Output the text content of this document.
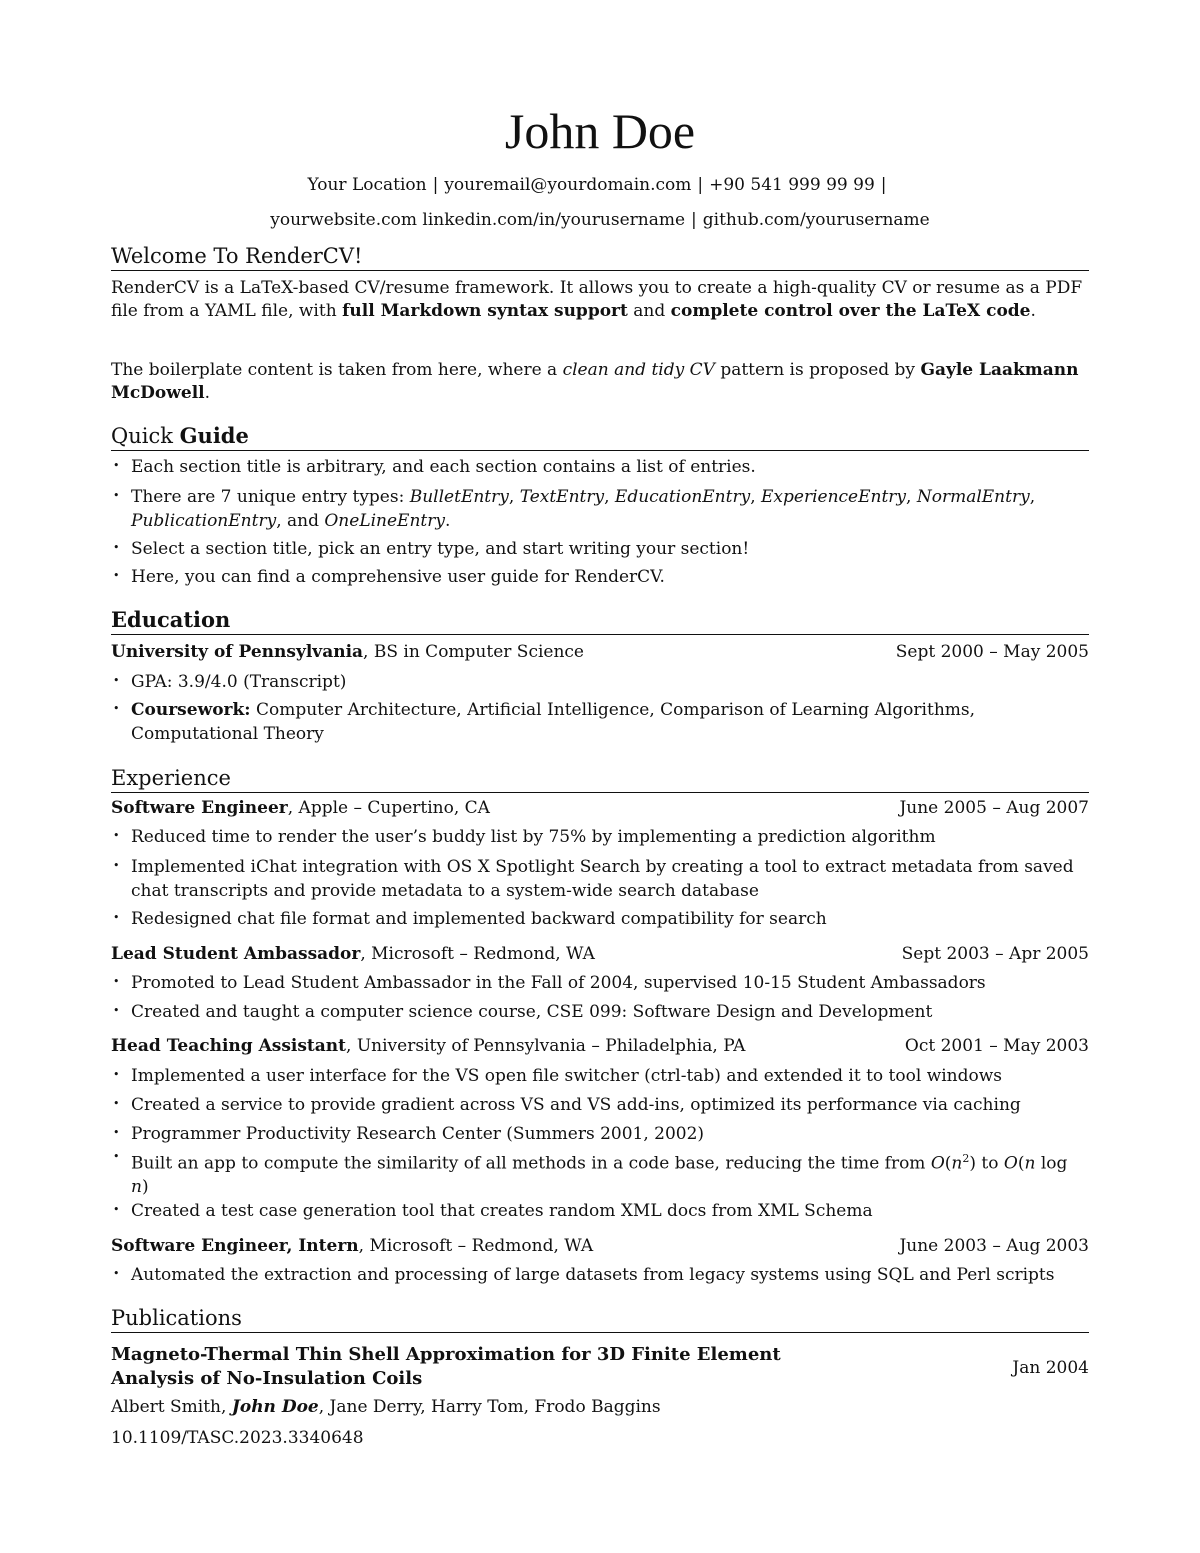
John Doe
Your Location | youremail@yourdomain.com | +90 541 999 99 99 |
yourwebsite.com linkedin.com/in/yourusername | github.com/yourusername
Welcome To RenderCV!
RenderCV is a LaTeX-based CV/resume framework. It allows you to create a high-quality CV or resume as a PDF file from a YAML file, with full Markdown syntax support and complete control over the LaTeX code.
The boilerplate content is taken from here, where a clean and tidy CV pattern is proposed by Gayle Laakmann McDowell.
Quick Guide
• Each section title is arbitrary, and each section contains a list of entries.
• There are 7 unique entry types: BulletEntry, TextEntry, EducationEntry, ExperienceEntry, NormalEntry, PublicationEntry, and OneLineEntry.
• Select a section title, pick an entry type, and start writing your section!
• Here, you can find a comprehensive user guide for RenderCV.
Education
University of Pennsylvania, BS in Computer Science	Sept 2000 – May 2005
• GPA: 3.9/4.0 (Transcript)
• Coursework: Computer Architecture, Artificial Intelligence, Comparison of Learning Algorithms, Computational Theory
Experience
Software Engineer, Apple – Cupertino, CA	June 2005 – Aug 2007
• Reduced time to render the user’s buddy list by 75% by implementing a prediction algorithm
• Implemented iChat integration with OS X Spotlight Search by creating a tool to extract metadata from saved chat transcripts and provide metadata to a system-wide search database
• Redesigned chat file format and implemented backward compatibility for search
Lead Student Ambassador, Microsoft – Redmond, WA	Sept 2003 – Apr 2005
• Promoted to Lead Student Ambassador in the Fall of 2004, supervised 10-15 Student Ambassadors
• Created and taught a computer science course, CSE 099: Software Design and Development
Head Teaching Assistant, University of Pennsylvania – Philadelphia, PA	Oct 2001 – May 2003
• Implemented a user interface for the VS open file switcher (ctrl-tab) and extended it to tool windows
• Created a service to provide gradient across VS and VS add-ins, optimized its performance via caching
• Programmer Productivity Research Center (Summers 2001, 2002)
• Built an app to compute the similarity of all methods in a code base, reducing the time from $O(n^2)$ to O(n log n)
• Created a test case generation tool that creates random XML docs from XML Schema
Software Engineer, Intern, Microsoft – Redmond, WA	June 2003 – Aug 2003
• Automated the extraction and processing of large datasets from legacy systems using SQL and Perl scripts
Publications
Magneto-Thermal Thin Shell Approximation for 3D Finite Element Analysis of No-Insulation Coils	Jan 2004
Albert Smith, John Doe, Jane Derry, Harry Tom, Frodo Baggins
10.1109/TASC.2023.3340648
